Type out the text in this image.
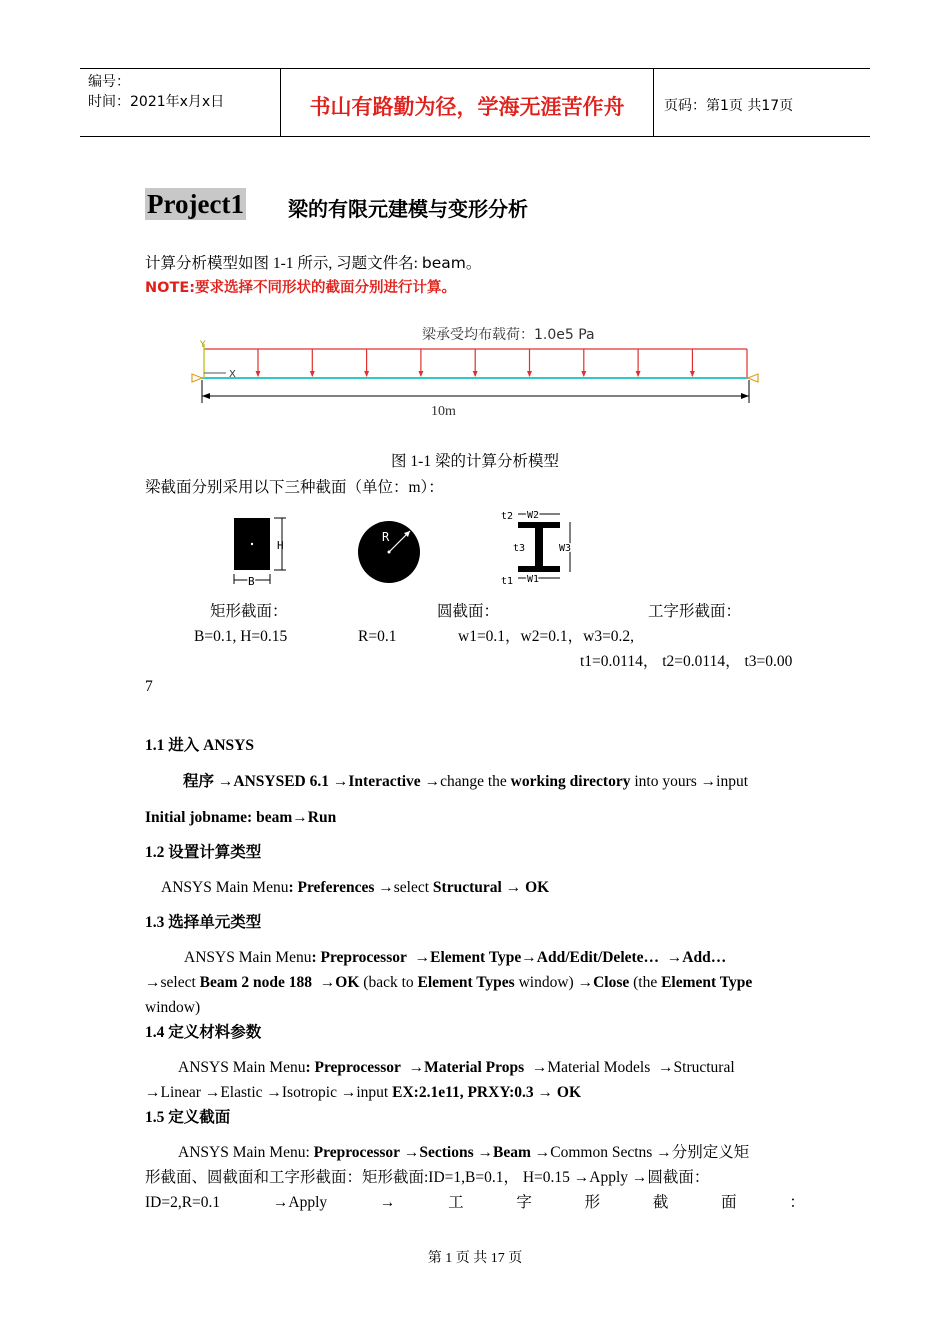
编号：
时间：2021年x月x日	书山有路勤为径，学海无涯苦作舟	页码：第1页 共17页
Project1 梁的有限元建模与变形分析
计算分析模型如图 1-1 所示, 习题文件名: beam。
NOTE:要求选择不同形状的截面分别进行计算。
梁承受均布载荷：1.0e5 Pa
Y
X
10m
图 1-1 梁的计算分析模型
梁截面分别采用以下三种截面（单位：m）：
H
B
R
t2 W2
t3	W3
W1
t1
矩形截面：	圆截面：	工字形截面：
B=0.1, H=0.15	R=0.1	w1=0.1，w2=0.1，w3=0.2,
t1=0.0114， t2=0.0114， t3=0.00
7
1.1 进入 ANSYS
程序 →ANSYSED 6.1 →Interactive →change the working directory into yours →input
Initial jobname: beam→Run
1.2 设置计算类型
ANSYS Main Menu: Preferences →select Structural → OK
1.3 选择单元类型
ANSYS Main Menu: Preprocessor →Element Type→Add/Edit/Delete… →Add…
→select Beam 2 node 188 →OK (back to Element Types window) →Close (the Element Type
window)
1.4 定义材料参数
ANSYS Main Menu: Preprocessor →Material Props →Material Models →Structural
→Linear →Elastic →Isotropic →input EX:2.1e11, PRXY:0.3 → OK
1.5 定义截面
ANSYS Main Menu: Preprocessor →Sections →Beam →Common Sectns →分别定义矩
形截面、圆截面和工字形截面：矩形截面:ID=1,B=0.1， H=0.15 →Apply →圆截面：
ID=2,R=0.1	→Apply	→	工	字	形	截	面	：
第 1 页 共 17 页
